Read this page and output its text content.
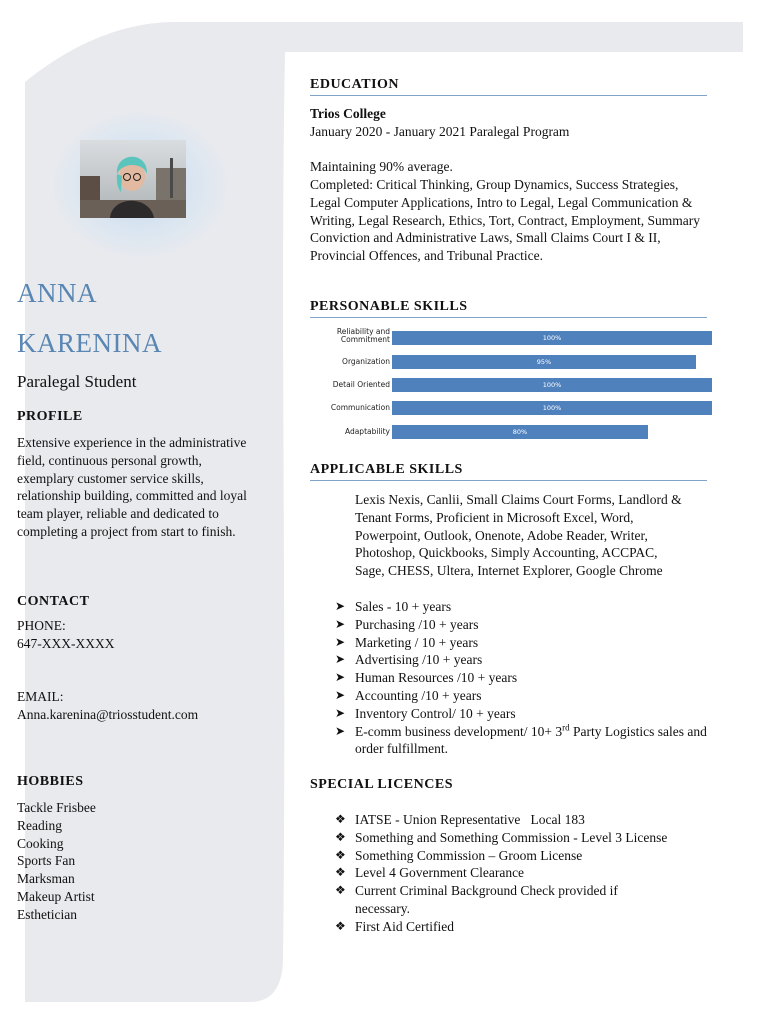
ANNA
KARENINA

Paralegal Student

PROFILE

Extensive experience in the administrative field, continuous personal growth, exemplary customer service skills, relationship building, committed and loyal team player, reliable and dedicated to completing a project from start to finish.

CONTACT

PHONE:

647-XXX-XXXX

EMAIL:

Anna.karenina@triosstudent.com

HOBBIES

Tackle Frisbee
Reading
Cooking
Sports Fan
Marksman
Makeup Artist
Esthetician

EDUCATION

Trios College

January 2020 - January 2021 Paralegal Program

Maintaining 90% average.

Completed: Critical Thinking, Group Dynamics, Success Strategies, Legal Computer Applications, Intro to Legal, Legal Communication & Writing, Legal Research, Ethics, Tort, Contract, Employment, Summary Conviction and Administrative Laws, Small Claims Court I & II, Provincial Offences, and Tribunal Practice.

PERSONABLE SKILLS

Reliability and Commitment	100%
Organization	95%
Detail Oriented	100%
Communication	100%
Adaptability	80%

APPLICABLE SKILLS

Lexis Nexis, Canlii, Small Claims Court Forms, Landlord & Tenant Forms, Proficient in Microsoft Excel, Word, Powerpoint, Outlook, Onenote, Adobe Reader, Writer, Photoshop, Quickbooks, Simply Accounting, ACCPAC, Sage, CHESS, Ultera, Internet Explorer, Google Chrome

➤ Sales - 10 + years
➤ Purchasing /10 + years
➤ Marketing / 10 + years
➤ Advertising /10 + years
➤ Human Resources /10 + years
➤ Accounting /10 + years
➤ Inventory Control/ 10 + years
➤ E-comm business development/ 10+ 3rd Party Logistics sales and order fulfillment.

SPECIAL LICENCES

❖ IATSE - Union Representative   Local 183
❖ Something and Something Commission - Level 3 License
❖ Something Commission – Groom License
❖ Level 4 Government Clearance
❖ Current Criminal Background Check provided if necessary.
❖ First Aid Certified
